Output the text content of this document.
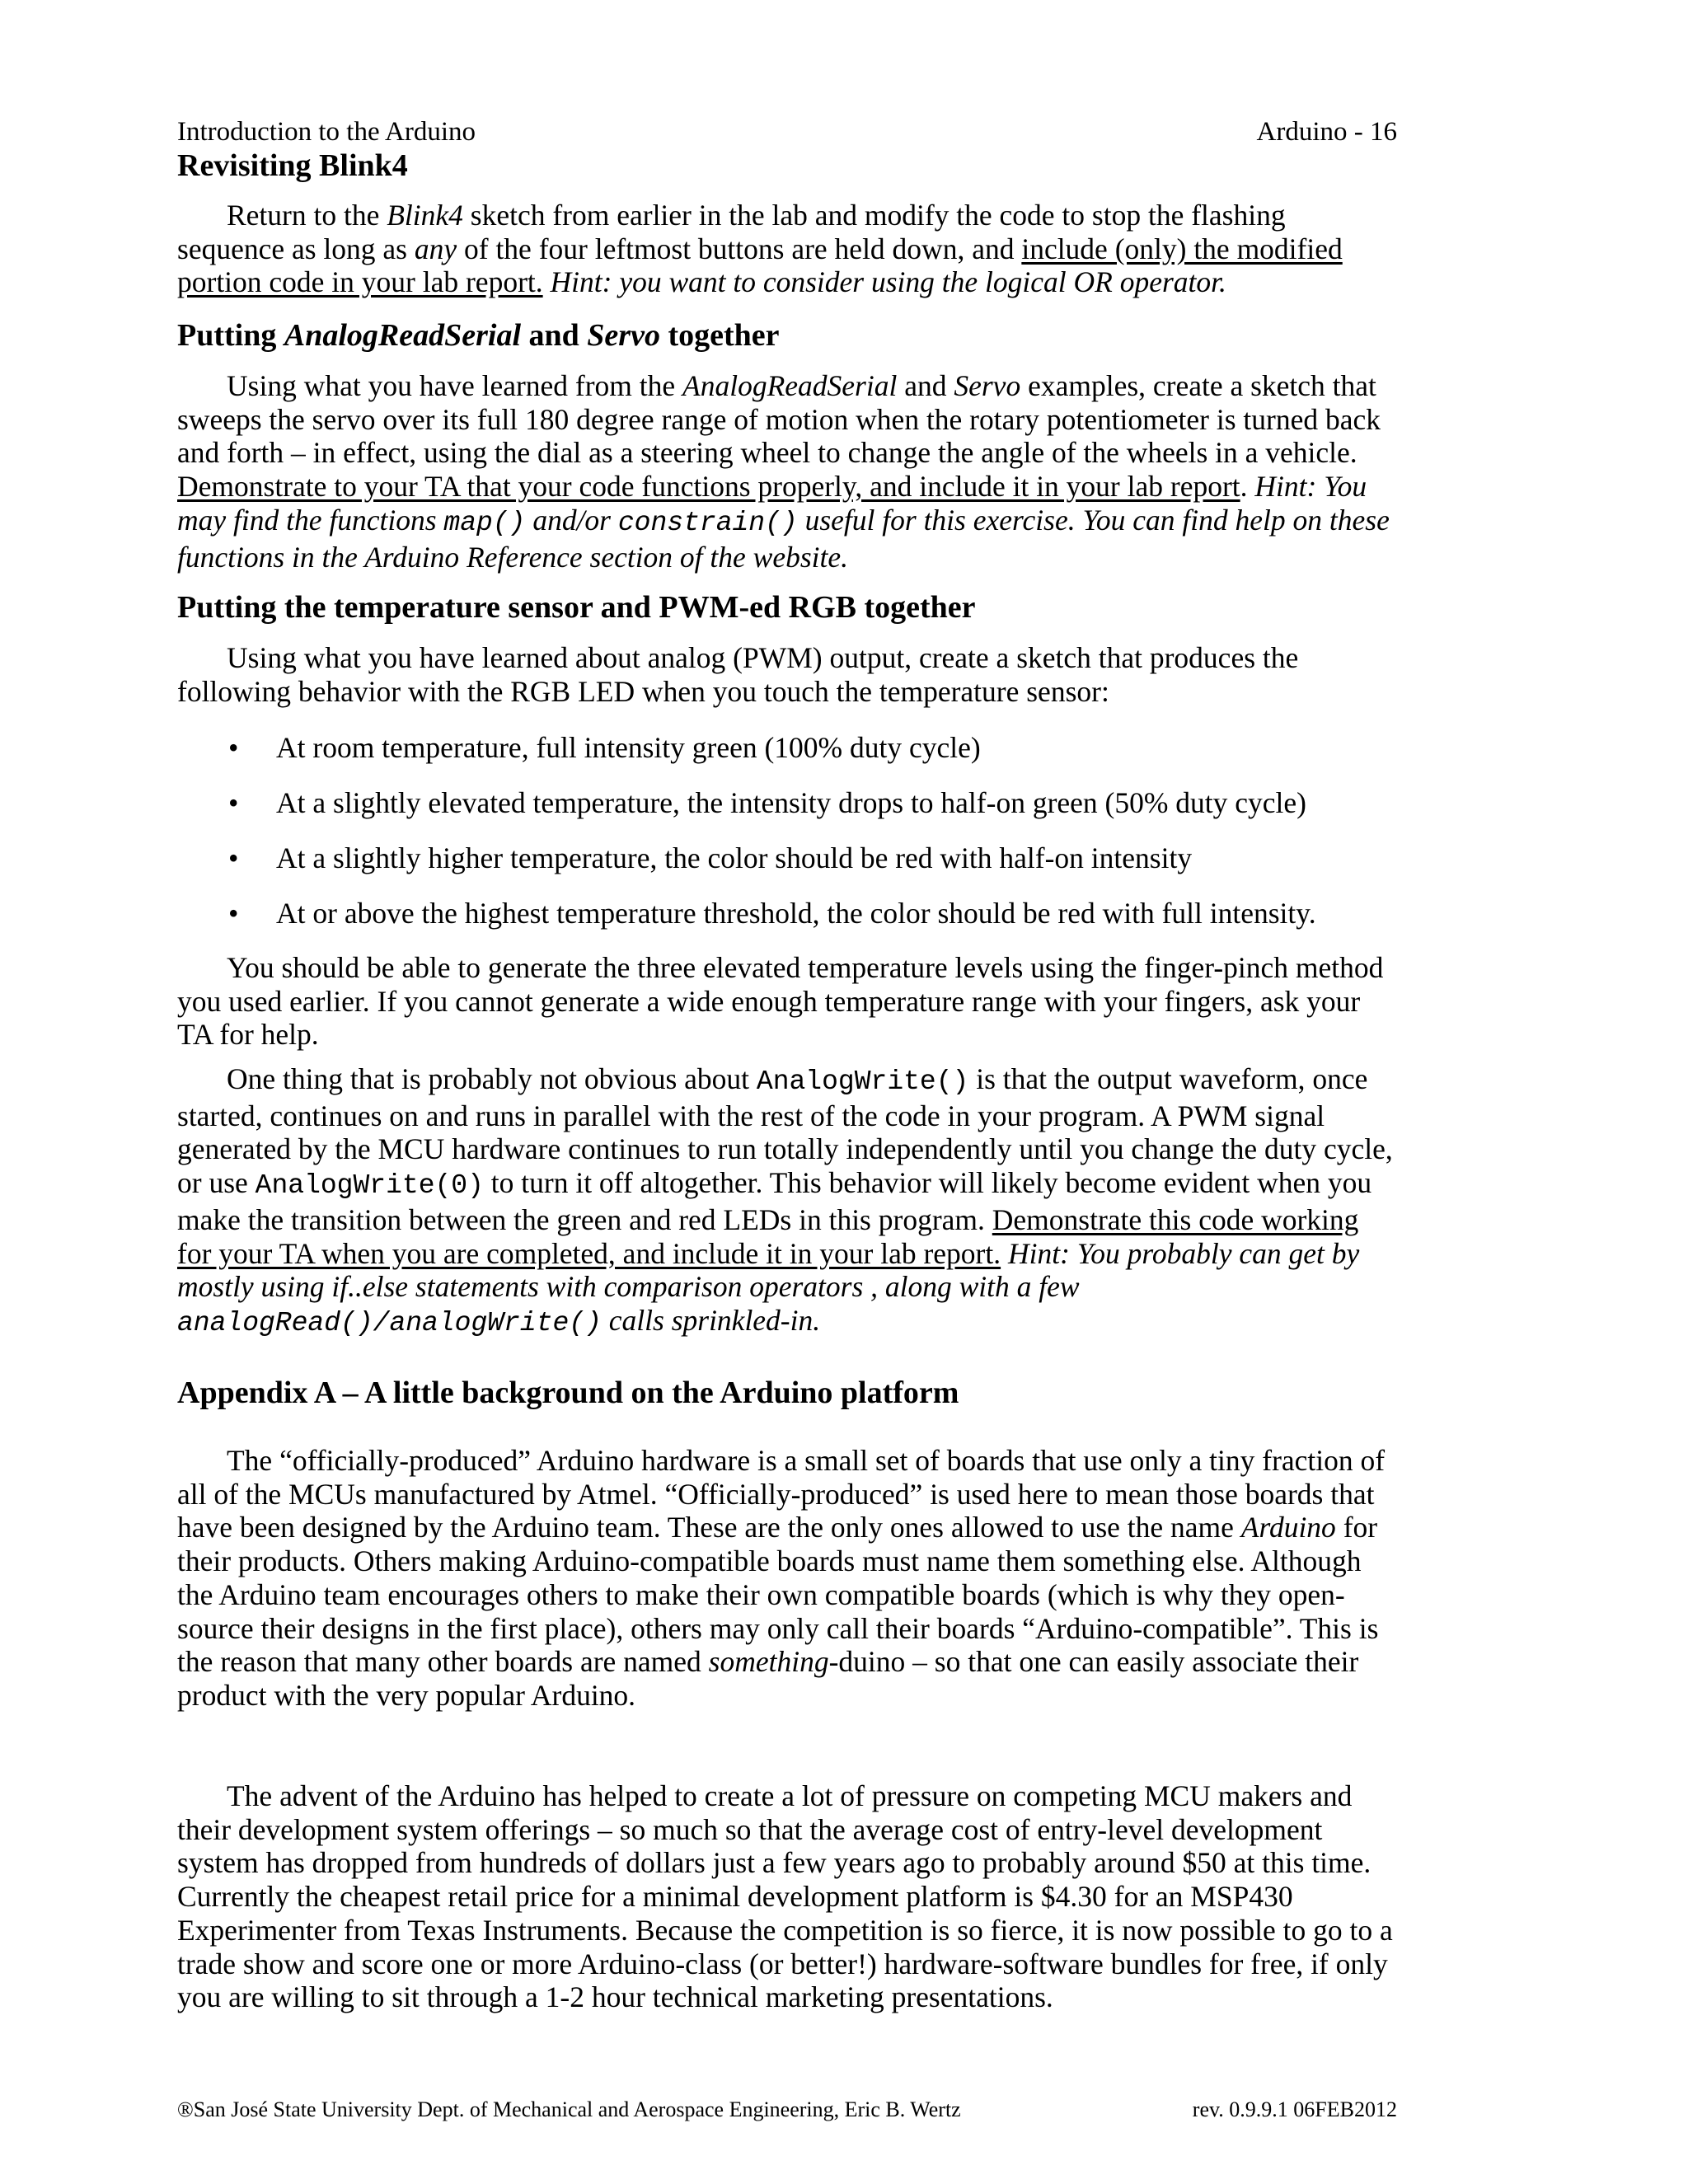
Introduction to the Arduino	Arduino - 16
Revisiting Blink4

Return to the Blink4 sketch from earlier in the lab and modify the code to stop the flashing sequence as long as any of the four leftmost buttons are held down, and include (only) the modified portion code in your lab report. Hint: you want to consider using the logical OR operator.

Putting AnalogReadSerial and Servo together

Using what you have learned from the AnalogReadSerial and Servo examples, create a sketch that sweeps the servo over its full 180 degree range of motion when the rotary potentiometer is turned back and forth – in effect, using the dial as a steering wheel to change the angle of the wheels in a vehicle. Demonstrate to your TA that your code functions properly, and include it in your lab report. Hint: You may find the functions map() and/or constrain() useful for this exercise. You can find help on these functions in the Arduino Reference section of the website.

Putting the temperature sensor and PWM-ed RGB together

Using what you have learned about analog (PWM) output, create a sketch that produces the following behavior with the RGB LED when you touch the temperature sensor:

• At room temperature, full intensity green (100% duty cycle)
• At a slightly elevated temperature, the intensity drops to half-on green (50% duty cycle)
• At a slightly higher temperature, the color should be red with half-on intensity
• At or above the highest temperature threshold, the color should be red with full intensity.

You should be able to generate the three elevated temperature levels using the finger-pinch method you used earlier. If you cannot generate a wide enough temperature range with your fingers, ask your TA for help.

One thing that is probably not obvious about AnalogWrite() is that the output waveform, once started, continues on and runs in parallel with the rest of the code in your program. A PWM signal generated by the MCU hardware continues to run totally independently until you change the duty cycle, or use AnalogWrite(0) to turn it off altogether. This behavior will likely become evident when you make the transition between the green and red LEDs in this program. Demonstrate this code working for your TA when you are completed, and include it in your lab report. Hint: You probably can get by mostly using if..else statements with comparison operators , along with a few analogRead()/analogWrite() calls sprinkled-in.

Appendix A – A little background on the Arduino platform

The “officially-produced” Arduino hardware is a small set of boards that use only a tiny fraction of all of the MCUs manufactured by Atmel. “Officially-produced” is used here to mean those boards that have been designed by the Arduino team. These are the only ones allowed to use the name Arduino for their products. Others making Arduino-compatible boards must name them something else. Although the Arduino team encourages others to make their own compatible boards (which is why they open-source their designs in the first place), others may only call their boards “Arduino-compatible”. This is the reason that many other boards are named something-duino – so that one can easily associate their product with the very popular Arduino.

The advent of the Arduino has helped to create a lot of pressure on competing MCU makers and their development system offerings – so much so that the average cost of entry-level development system has dropped from hundreds of dollars just a few years ago to probably around $50 at this time. Currently the cheapest retail price for a minimal development platform is $4.30 for an MSP430 Experimenter from Texas Instruments. Because the competition is so fierce, it is now possible to go to a trade show and score one or more Arduino-class (or better!) hardware-software bundles for free, if only you are willing to sit through a 1-2 hour technical marketing presentations.

®San José State University Dept. of Mechanical and Aerospace Engineering, Eric B. Wertz	rev. 0.9.9.1 06FEB2012
